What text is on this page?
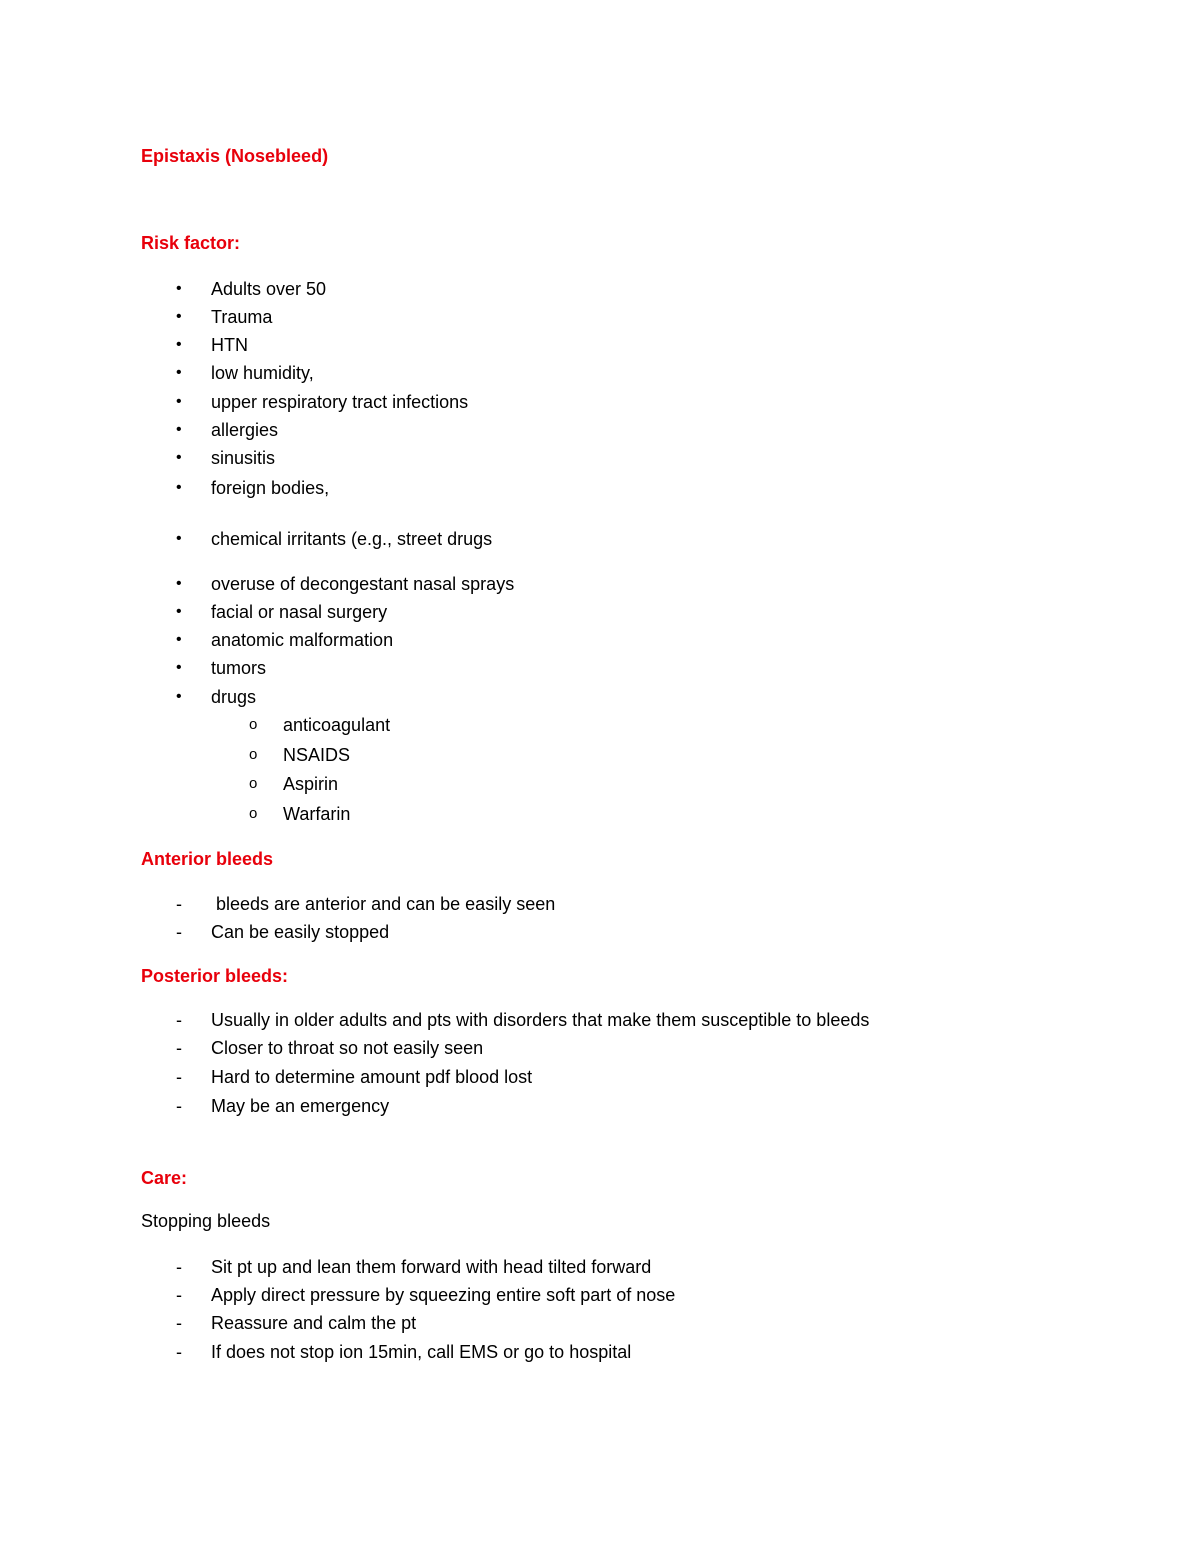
Epistaxis (Nosebleed)
Risk factor:
• Adults over 50
• Trauma
• HTN
• low humidity,
• upper respiratory tract infections
• allergies
• sinusitis
• foreign bodies,
• chemical irritants (e.g., street drugs
• overuse of decongestant nasal sprays
• facial or nasal surgery
• anatomic malformation
• tumors
• drugs
o anticoagulant
o NSAIDS
o Aspirin
o Warfarin
Anterior bleeds
- bleeds are anterior and can be easily seen
- Can be easily stopped
Posterior bleeds:
- Usually in older adults and pts with disorders that make them susceptible to bleeds
- Closer to throat so not easily seen
- Hard to determine amount pdf blood lost
- May be an emergency
Care:
Stopping bleeds
- Sit pt up and lean them forward with head tilted forward
- Apply direct pressure by squeezing entire soft part of nose
- Reassure and calm the pt
- If does not stop ion 15min, call EMS or go to hospital
